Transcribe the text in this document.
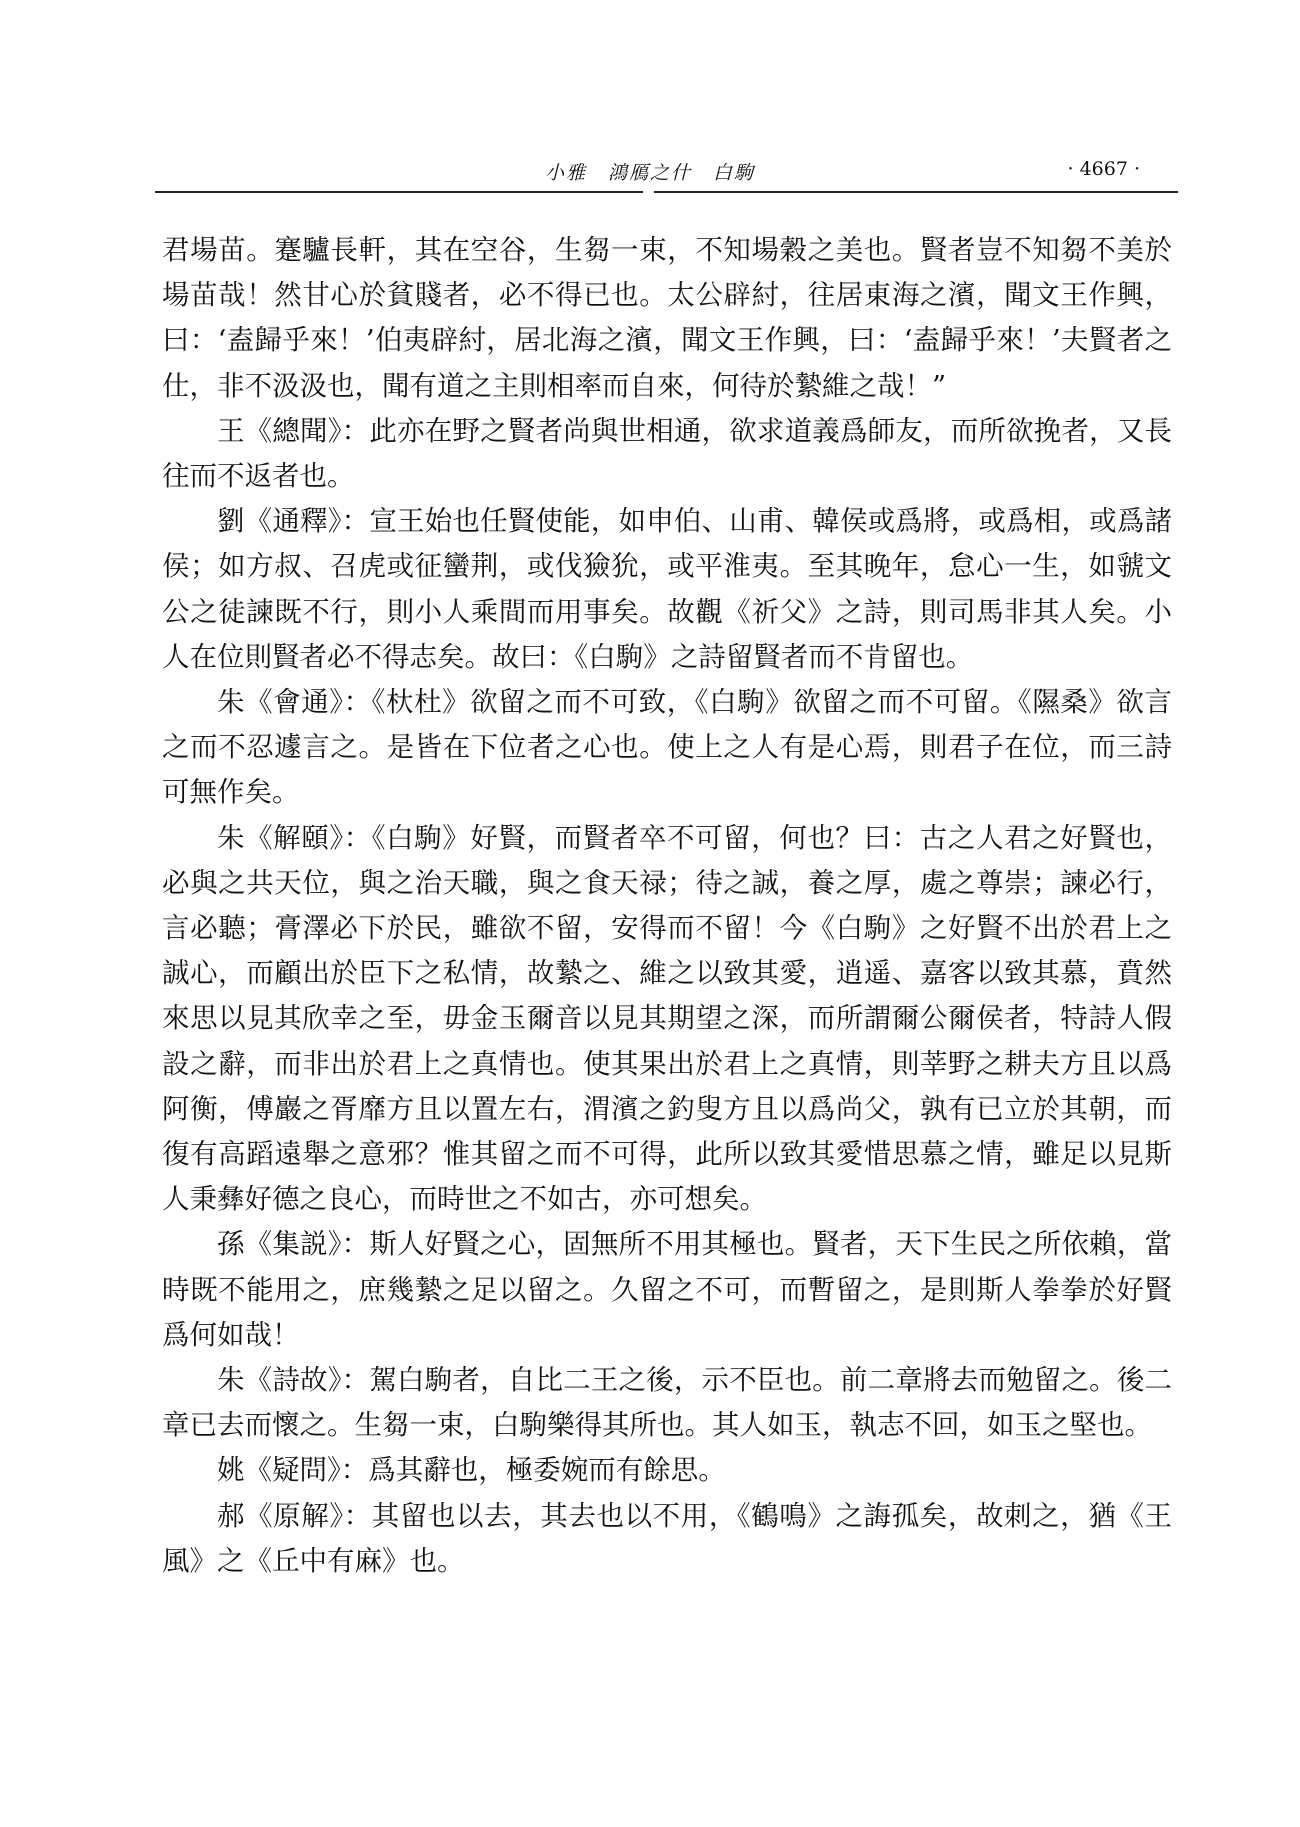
小雅　鴻鴈之什　白駒	· 4667 ·

君場苗。蹇驢長軒，其在空谷，生芻一束，不知場穀之美也。賢者豈不知芻不美於場苗哉！然甘心於貧賤者，必不得已也。太公辟紂，往居東海之濱，聞文王作興，曰：‘盍歸乎來！’伯夷辟紂，居北海之濱，聞文王作興，曰：‘盍歸乎來！’夫賢者之仕，非不汲汲也，聞有道之主則相率而自來，何待於縶維之哉！”

王《總聞》：此亦在野之賢者尚與世相通，欲求道義爲師友，而所欲挽者，又長往而不返者也。

劉《通釋》：宣王始也任賢使能，如申伯、山甫、韓侯或爲將，或爲相，或爲諸侯；如方叔、召虎或征蠻荆，或伐獫狁，或平淮夷。至其晚年，怠心一生，如虢文公之徒諫既不行，則小人乘間而用事矣。故觀《祈父》之詩，則司馬非其人矣。小人在位則賢者必不得志矣。故曰：《白駒》之詩留賢者而不肯留也。

朱《會通》：《杕杜》欲留之而不可致，《白駒》欲留之而不可留。《隰桑》欲言之而不忍遽言之。是皆在下位者之心也。使上之人有是心焉，則君子在位，而三詩可無作矣。

朱《解頤》：《白駒》好賢，而賢者卒不可留，何也？曰：古之人君之好賢也，必與之共天位，與之治天職，與之食天禄；待之誠，養之厚，處之尊崇；諫必行，言必聽；膏澤必下於民，雖欲不留，安得而不留！今《白駒》之好賢不出於君上之誠心，而顧出於臣下之私情，故縶之、維之以致其愛，逍遥、嘉客以致其慕，賁然來思以見其欣幸之至，毋金玉爾音以見其期望之深，而所謂爾公爾侯者，特詩人假設之辭，而非出於君上之真情也。使其果出於君上之真情，則莘野之耕夫方且以爲阿衡，傅巖之胥靡方且以置左右，渭濱之釣叟方且以爲尚父，孰有已立於其朝，而復有高蹈遠舉之意邪？惟其留之而不可得，此所以致其愛惜思慕之情，雖足以見斯人秉彝好德之良心，而時世之不如古，亦可想矣。

孫《集説》：斯人好賢之心，固無所不用其極也。賢者，天下生民之所依賴，當時既不能用之，庶幾縶之足以留之。久留之不可，而暫留之，是則斯人拳拳於好賢爲何如哉！

朱《詩故》：駕白駒者，自比二王之後，示不臣也。前二章將去而勉留之。後二章已去而懷之。生芻一束，白駒樂得其所也。其人如玉，執志不回，如玉之堅也。

姚《疑問》：爲其辭也，極委婉而有餘思。

郝《原解》：其留也以去，其去也以不用，《鶴鳴》之誨孤矣，故刺之，猶《王風》之《丘中有麻》也。
